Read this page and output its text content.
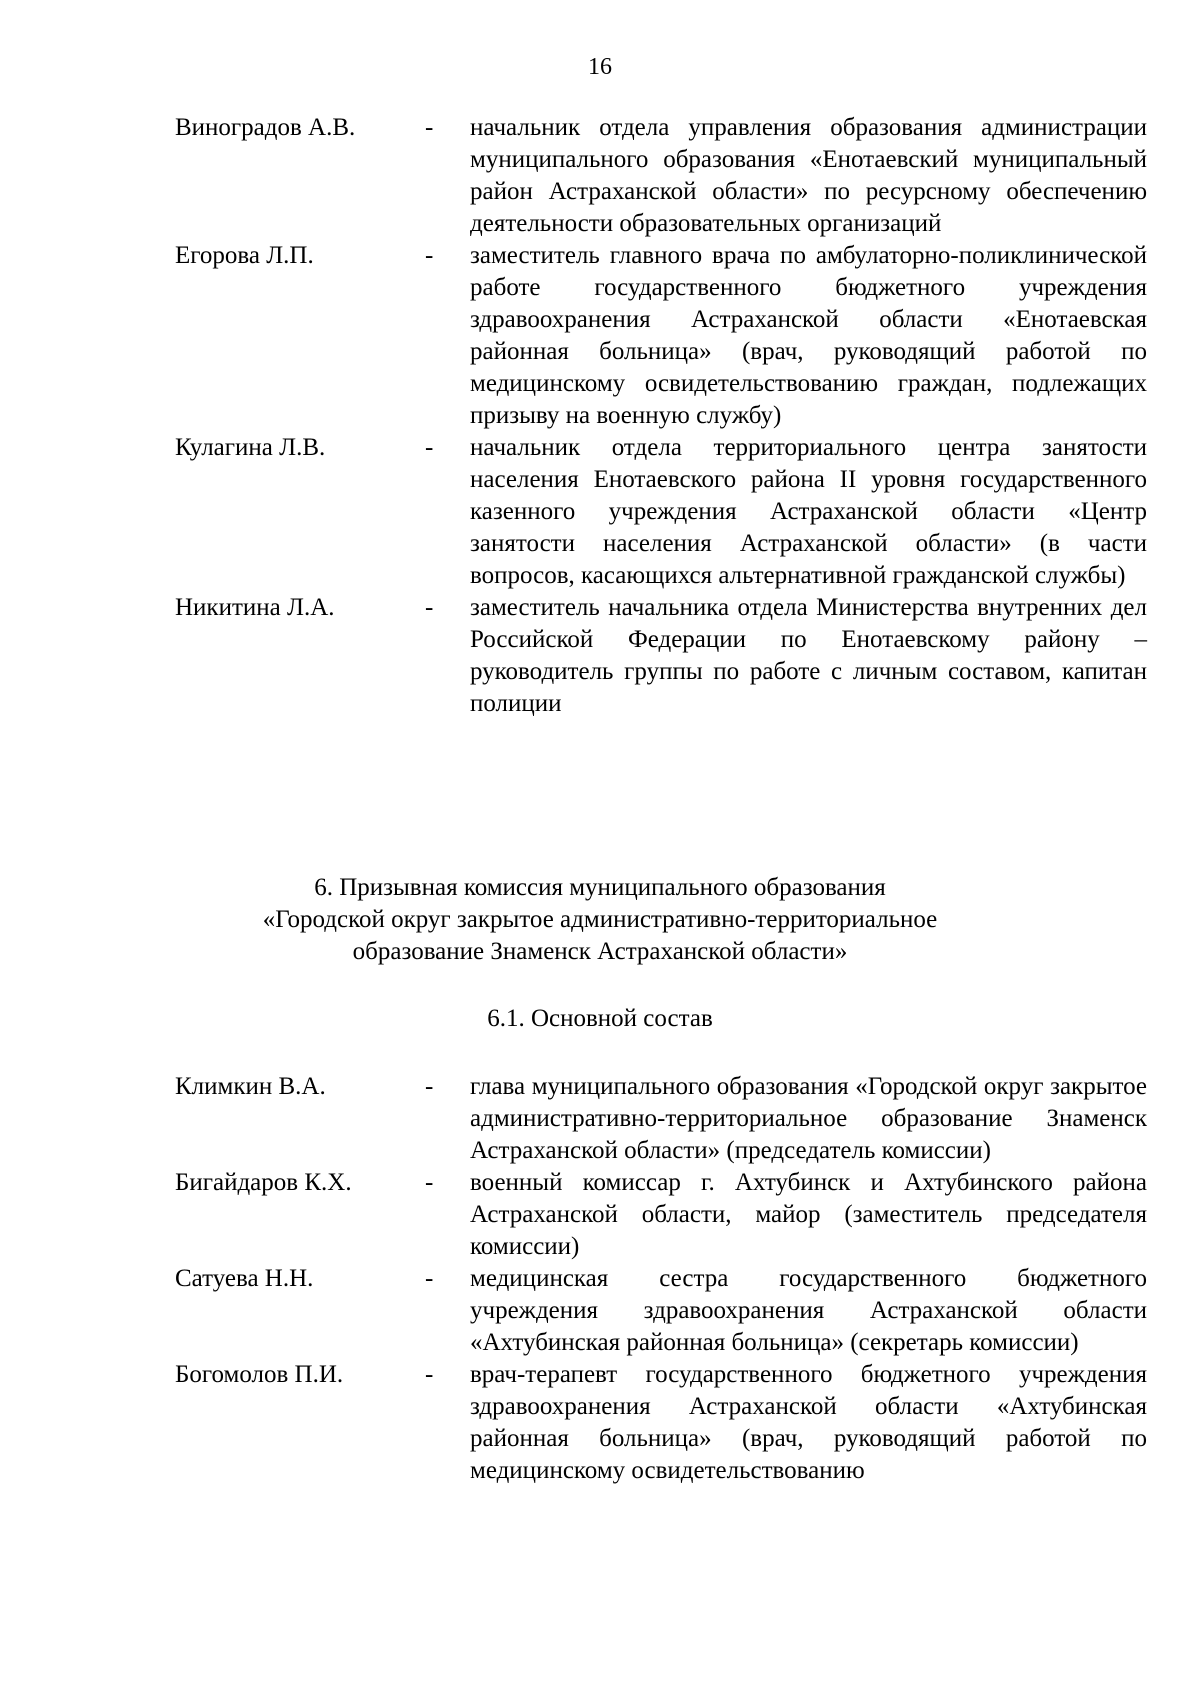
16
Виноградов А.В.	- начальник отдела управления образования администрации муниципального образования «Енотаевский муниципальный район Астраханской области» по ресурсному обеспечению деятельности образовательных организаций
Егорова Л.П.	- заместитель главного врача по амбулаторно-поликлинической работе государственного бюджетного учреждения здравоохранения Астраханской области «Енотаевская районная больница» (врач, руководящий работой по медицинскому освидетельствованию граждан, подлежащих призыву на военную службу)
Кулагина Л.В.	- начальник отдела территориального центра занятости населения Енотаевского района II уровня государственного казенного учреждения Астраханской области «Центр занятости населения Астраханской области» (в части вопросов, касающихся альтернативной гражданской службы)
Никитина Л.А.	- заместитель начальника отдела Министерства внутренних дел Российской Федерации по Енотаевскому району – руководитель группы по работе с личным составом, капитан полиции
6. Призывная комиссия муниципального образования
«Городской округ закрытое административно-территориальное
образование Знаменск Астраханской области»
6.1. Основной состав
Климкин В.А.	- глава муниципального образования «Городской округ закрытое административно-территориальное образование Знаменск Астраханской области» (председатель комиссии)
Бигайдаров К.Х.	- военный комиссар г. Ахтубинск и Ахтубинского района Астраханской области, майор (заместитель председателя комиссии)
Сатуева Н.Н.	- медицинская сестра государственного бюджетного учреждения здравоохранения Астраханской области «Ахтубинская районная больница» (секретарь комиссии)
Богомолов П.И.	- врач-терапевт государственного бюджетного учреждения здравоохранения Астраханской области «Ахтубинская районная больница» (врач, руководящий работой по медицинскому освидетельствованию
